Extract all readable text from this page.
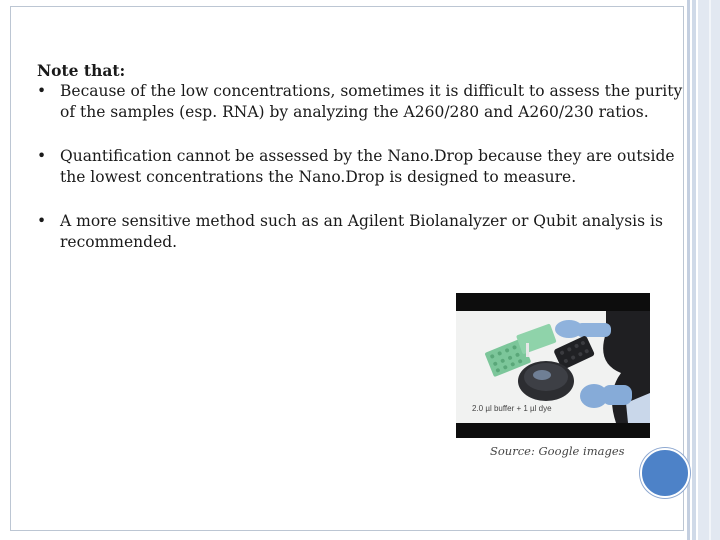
Note that:
• Because of the low concentrations, sometimes it is difficult to assess the purity of the samples (esp. RNA) by analyzing the A260/280 and A260/230 ratios.
• Quantification cannot be assessed by the Nano.Drop because they are outside the lowest concentrations the Nano.Drop is designed to measure.
• A more sensitive method such as an Agilent Biolanalyzer or Qubit analysis is recommended.
2.0 µl buffer + 1 µl dye
Source: Google images
